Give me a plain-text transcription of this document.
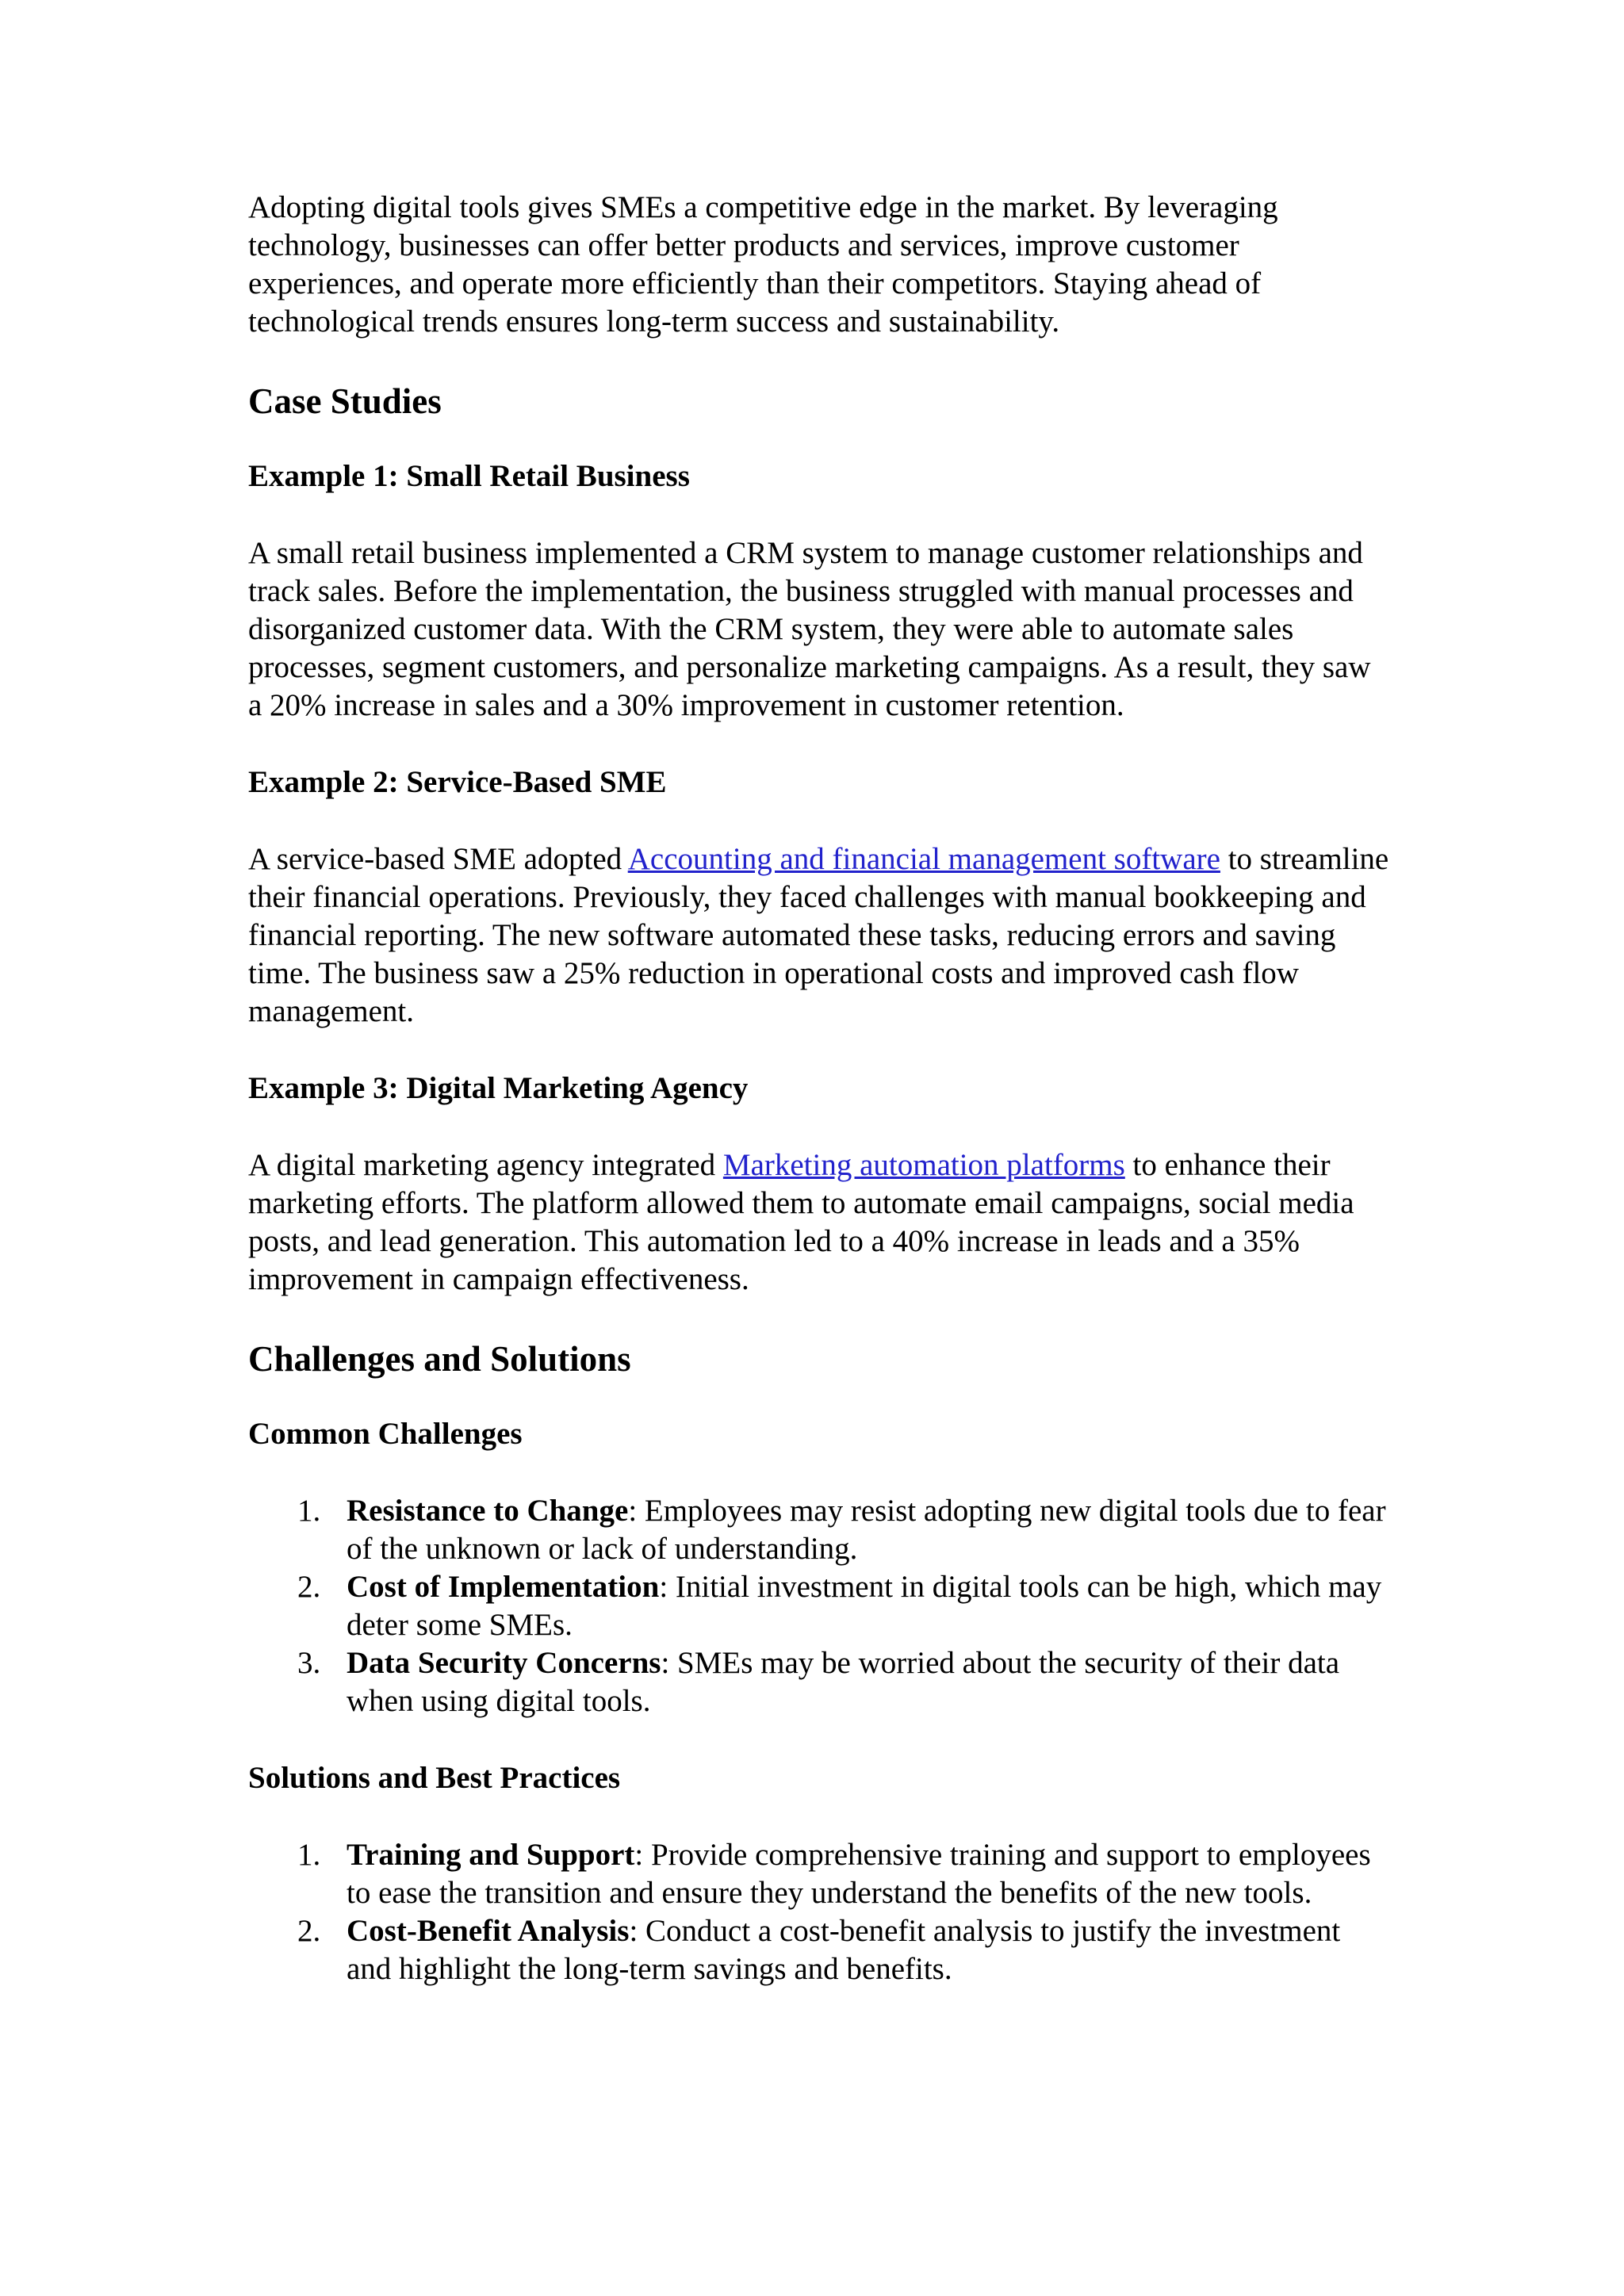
Adopting digital tools gives SMEs a competitive edge in the market. By leveraging technology, businesses can offer better products and services, improve customer experiences, and operate more efficiently than their competitors. Staying ahead of technological trends ensures long-term success and sustainability.

Case Studies
Example 1: Small Retail Business

A small retail business implemented a CRM system to manage customer relationships and track sales. Before the implementation, the business struggled with manual processes and disorganized customer data. With the CRM system, they were able to automate sales processes, segment customers, and personalize marketing campaigns. As a result, they saw a 20% increase in sales and a 30% improvement in customer retention.

Example 2: Service-Based SME

A service-based SME adopted Accounting and financial management software to streamline their financial operations. Previously, they faced challenges with manual bookkeeping and financial reporting. The new software automated these tasks, reducing errors and saving time. The business saw a 25% reduction in operational costs and improved cash flow management.

Example 3: Digital Marketing Agency

A digital marketing agency integrated Marketing automation platforms to enhance their marketing efforts. The platform allowed them to automate email campaigns, social media posts, and lead generation. This automation led to a 40% increase in leads and a 35% improvement in campaign effectiveness.

Challenges and Solutions
Common Challenges
1. Resistance to Change: Employees may resist adopting new digital tools due to fear of the unknown or lack of understanding.
2. Cost of Implementation: Initial investment in digital tools can be high, which may deter some SMEs.
3. Data Security Concerns: SMEs may be worried about the security of their data when using digital tools.
Solutions and Best Practices
1. Training and Support: Provide comprehensive training and support to employees to ease the transition and ensure they understand the benefits of the new tools.
2. Cost-Benefit Analysis: Conduct a cost-benefit analysis to justify the investment and highlight the long-term savings and benefits.
